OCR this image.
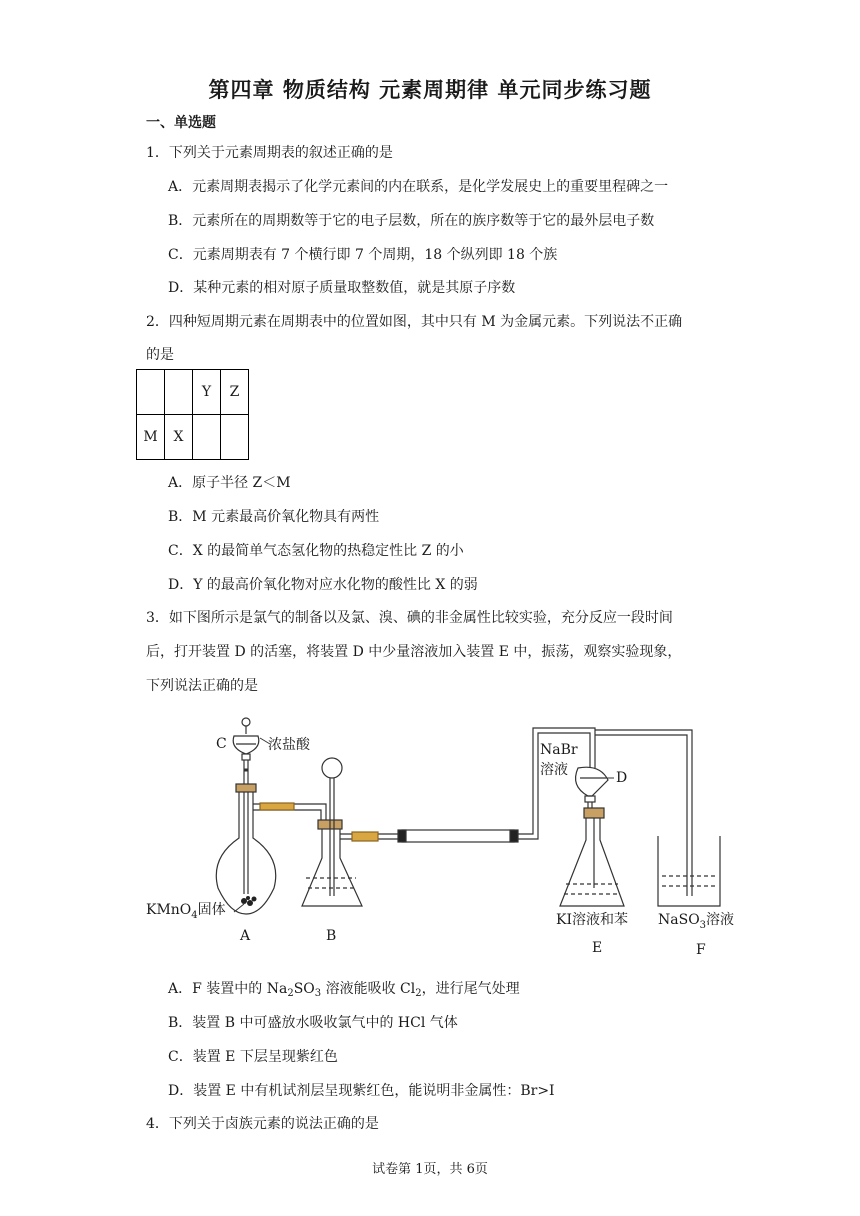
第四章 物质结构 元素周期律 单元同步练习题
一、单选题
1．下列关于元素周期表的叙述正确的是
A．元素周期表揭示了化学元素间的内在联系，是化学发展史上的重要里程碑之一
B．元素所在的周期数等于它的电子层数，所在的族序数等于它的最外层电子数
C．元素周期表有 7 个横行即 7 个周期，18 个纵列即 18 个族
D．某种元素的相对原子质量取整数值，就是其原子序数
2．四种短周期元素在周期表中的位置如图，其中只有 M 为金属元素。下列说法不正确
的是
		Y	Z
M	X		
A．原子半径 Z＜M
B．M 元素最高价氧化物具有两性
C．X 的最简单气态氢化物的热稳定性比 Z 的小
D．Y 的最高价氧化物对应水化物的酸性比 X 的弱
3．如下图所示是氯气的制备以及氯、溴、碘的非金属性比较实验，充分反应一段时间
后，打开装置 D 的活塞，将装置 D 中少量溶液加入装置 E 中，振荡，观察实验现象，
下列说法正确的是
C	浓盐酸
KMnO$_4$固体
A	B
NaBr
溶液	D
KI溶液和苯
E
NaSO$_3$溶液
F
A．F 装置中的 $Na_2SO_3$ 溶液能吸收 $Cl_2$，进行尾气处理
B．装置 B 中可盛放水吸收氯气中的 HCl 气体
C．装置 E 下层呈现紫红色
D．装置 E 中有机试剂层呈现紫红色，能说明非金属性：Br>I
4．下列关于卤族元素的说法正确的是
试卷第 1页，共 6页
